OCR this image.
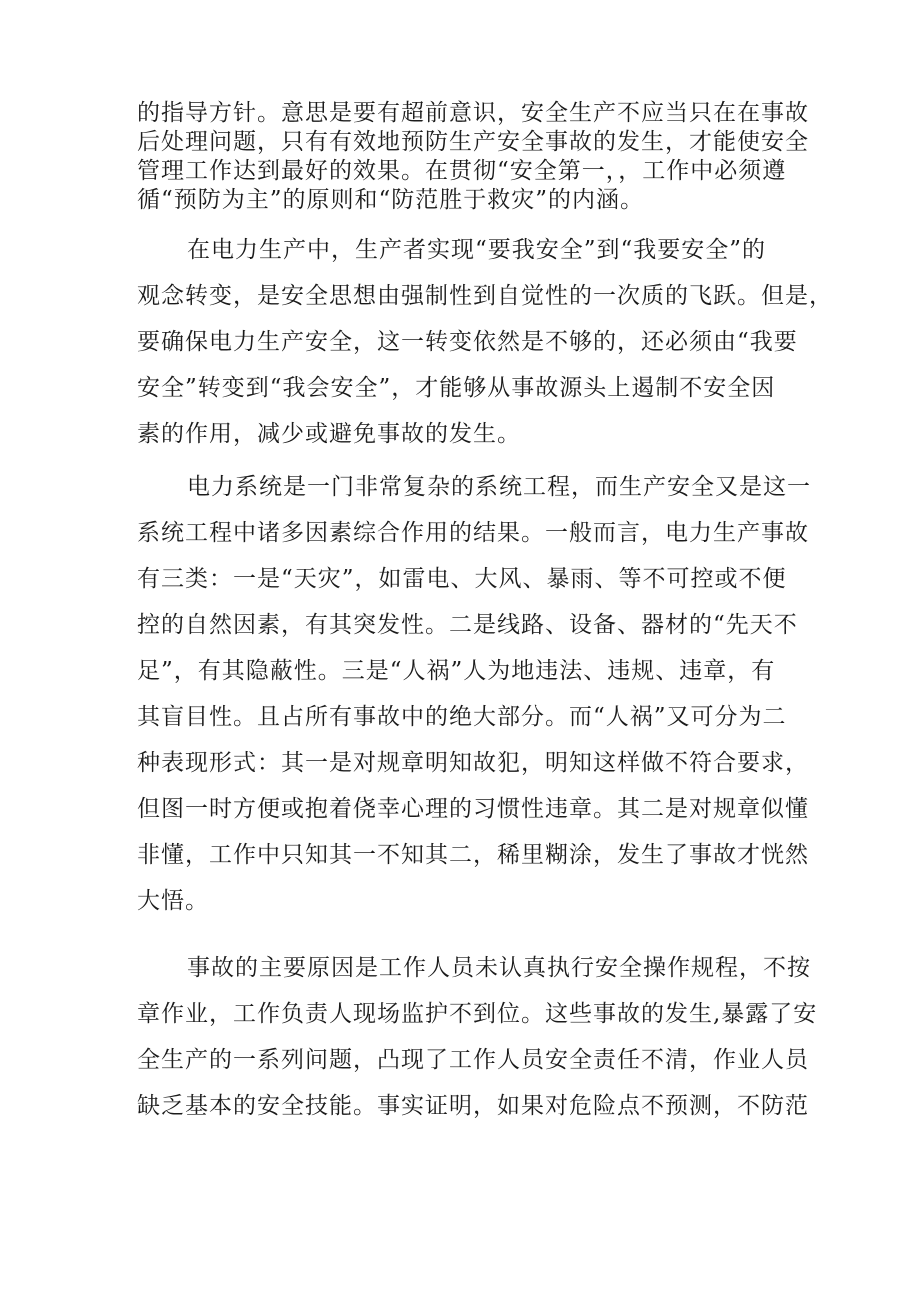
的指导方针。意思是要有超前意识，安全生产不应当只在在事故
后处理问题，只有有效地预防生产安全事故的发生，才能使安全
管理工作达到最好的效果。在贯彻“安全第一，，工作中必须遵
循“预防为主”的原则和“防范胜于救灾”的内涵。
在电力生产中，生产者实现“要我安全”到“我要安全”的
观念转变，是安全思想由强制性到自觉性的一次质的飞跃。但是，
要确保电力生产安全，这一转变依然是不够的，还必须由“我要
安全”转变到“我会安全”，才能够从事故源头上遏制不安全因
素的作用，减少或避免事故的发生。
电力系统是一门非常复杂的系统工程，而生产安全又是这一
系统工程中诸多因素综合作用的结果。一般而言，电力生产事故
有三类：一是“天灾”，如雷电、大风、暴雨、等不可控或不便
控的自然因素，有其突发性。二是线路、设备、器材的“先天不
足”，有其隐蔽性。三是“人祸”人为地违法、违规、违章，有
其盲目性。且占所有事故中的绝大部分。而“人祸”又可分为二
种表现形式：其一是对规章明知故犯，明知这样做不符合要求，
但图一时方便或抱着侥幸心理的习惯性违章。其二是对规章似懂
非懂，工作中只知其一不知其二，稀里糊涂，发生了事故才恍然
大悟。
事故的主要原因是工作人员未认真执行安全操作规程，不按
章作业，工作负责人现场监护不到位。这些事故的发生,暴露了安
全生产的一系列问题，凸现了工作人员安全责任不清，作业人员
缺乏基本的安全技能。事实证明，如果对危险点不预测，不防范
